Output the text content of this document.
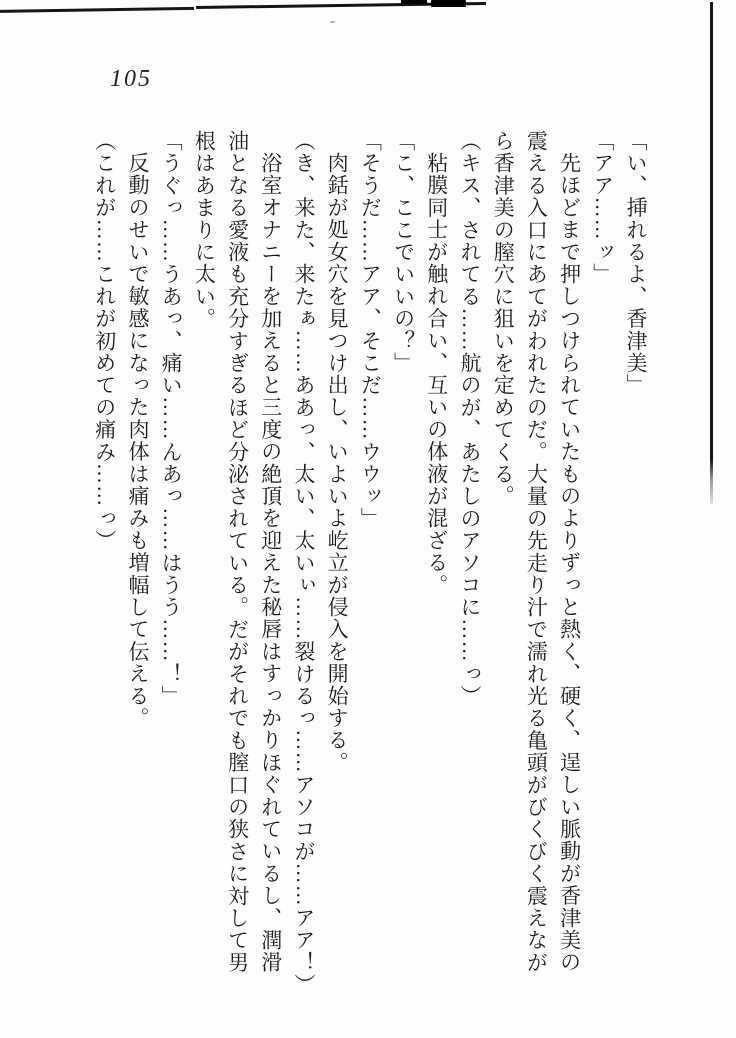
105

「い、挿れるよ、香津美」

「アア……ッ」

先ほどまで押しつけられていたものよりずっと熱く、硬く、逞しい脈動が香津美の

震える入口にあてがわれたのだ。大量の先走り汁で濡れ光る亀頭がびくびく震えなが

ら香津美の膣穴に狙いを定めてくる。

（キス、されてる……航のが、あたしのアソコに……っ）

粘膜同士が触れ合い、互いの体液が混ざる。

「こ、ここでいいの？」

「そうだ……アア、そこだ……ウウッ」

肉銛が処女穴を見つけ出し、いよいよ屹立が侵入を開始する。

（き、来た、来たぁ……ああっ、太い、太いぃ……裂けるっ……アソコが……アア！）

浴室オナニーを加えると三度の絶頂を迎えた秘唇はすっかりほぐれているし、潤滑

油となる愛液も充分すぎるほど分泌されている。だがそれでも膣口の狭さに対して男

根はあまりに太い。

「うぐっ……うあっ、痛い……んあっ……はうう……！」

反動のせいで敏感になった肉体は痛みも増幅して伝える。

（これが……これが初めての痛み……っ）
